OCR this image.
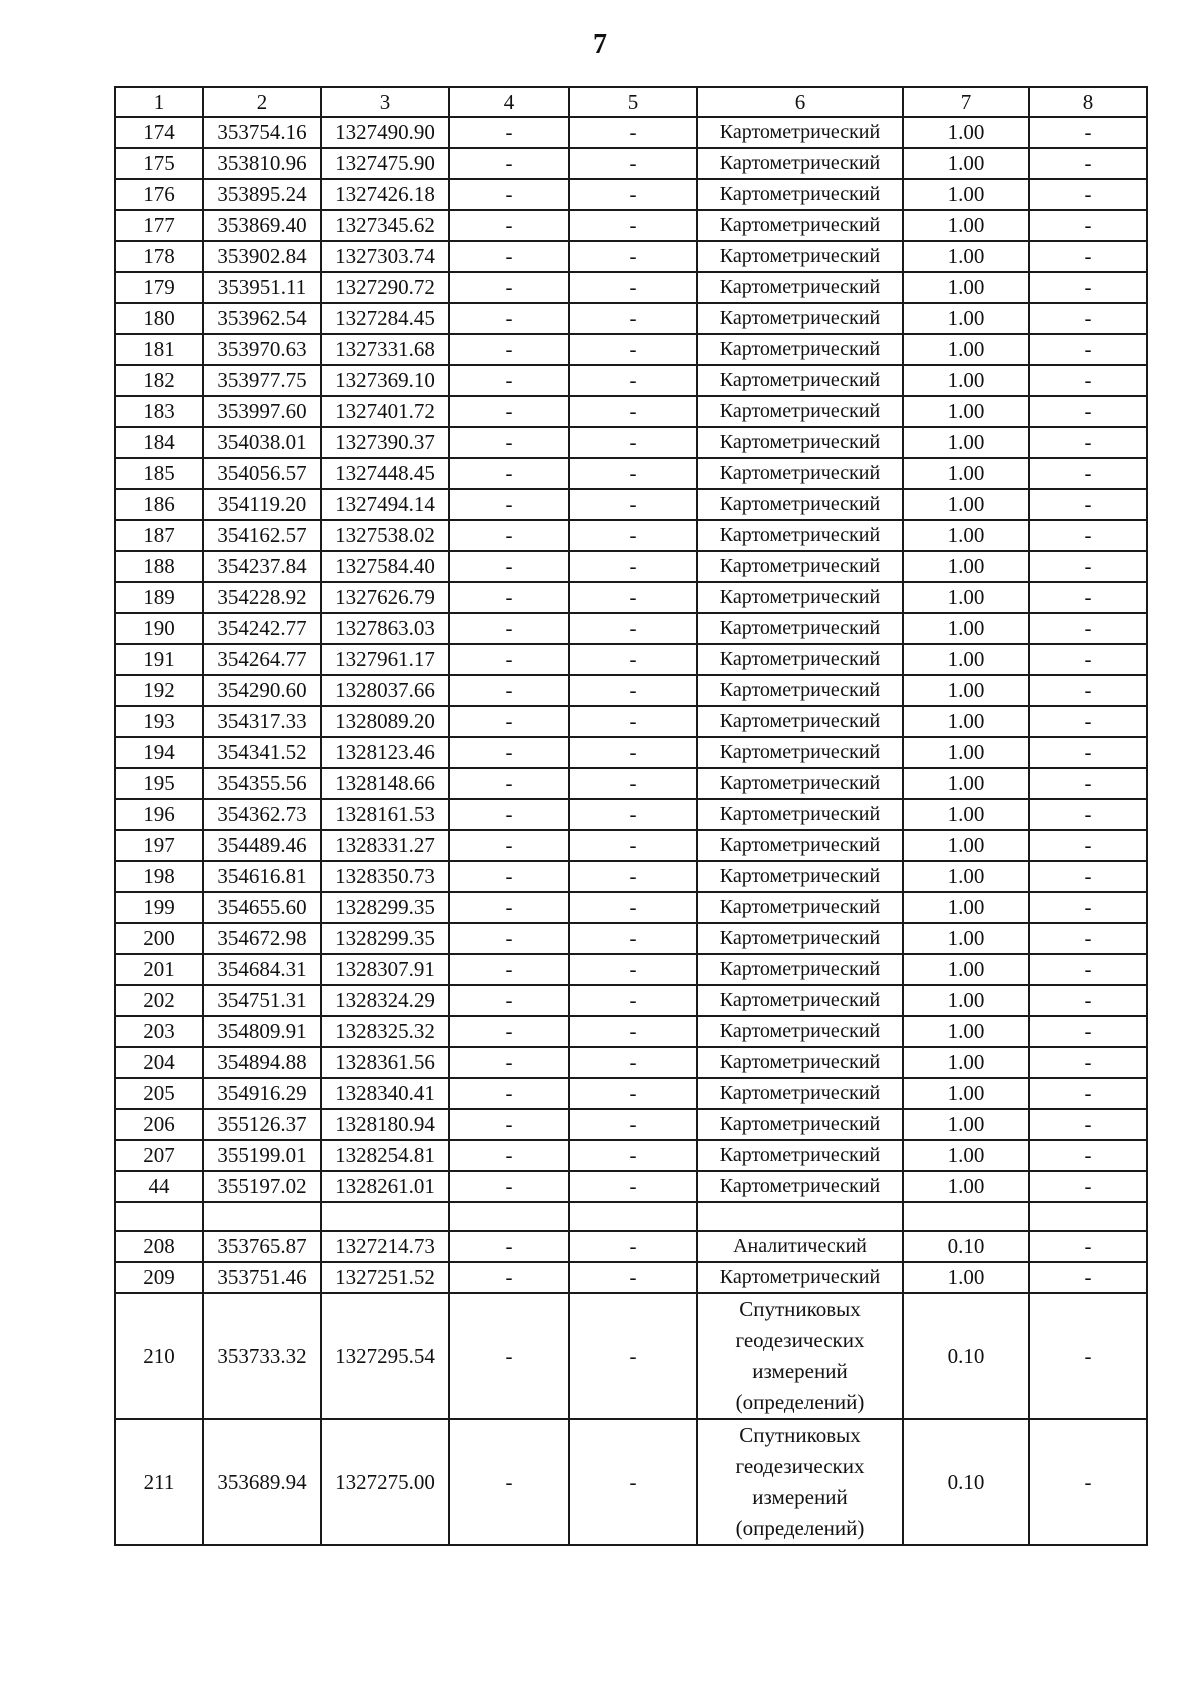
7
1	2	3	4	5	6	7	8
174	353754.16	1327490.90	-	-	Картометрический	1.00	-
175	353810.96	1327475.90	-	-	Картометрический	1.00	-
176	353895.24	1327426.18	-	-	Картометрический	1.00	-
177	353869.40	1327345.62	-	-	Картометрический	1.00	-
178	353902.84	1327303.74	-	-	Картометрический	1.00	-
179	353951.11	1327290.72	-	-	Картометрический	1.00	-
180	353962.54	1327284.45	-	-	Картометрический	1.00	-
181	353970.63	1327331.68	-	-	Картометрический	1.00	-
182	353977.75	1327369.10	-	-	Картометрический	1.00	-
183	353997.60	1327401.72	-	-	Картометрический	1.00	-
184	354038.01	1327390.37	-	-	Картометрический	1.00	-
185	354056.57	1327448.45	-	-	Картометрический	1.00	-
186	354119.20	1327494.14	-	-	Картометрический	1.00	-
187	354162.57	1327538.02	-	-	Картометрический	1.00	-
188	354237.84	1327584.40	-	-	Картометрический	1.00	-
189	354228.92	1327626.79	-	-	Картометрический	1.00	-
190	354242.77	1327863.03	-	-	Картометрический	1.00	-
191	354264.77	1327961.17	-	-	Картометрический	1.00	-
192	354290.60	1328037.66	-	-	Картометрический	1.00	-
193	354317.33	1328089.20	-	-	Картометрический	1.00	-
194	354341.52	1328123.46	-	-	Картометрический	1.00	-
195	354355.56	1328148.66	-	-	Картометрический	1.00	-
196	354362.73	1328161.53	-	-	Картометрический	1.00	-
197	354489.46	1328331.27	-	-	Картометрический	1.00	-
198	354616.81	1328350.73	-	-	Картометрический	1.00	-
199	354655.60	1328299.35	-	-	Картометрический	1.00	-
200	354672.98	1328299.35	-	-	Картометрический	1.00	-
201	354684.31	1328307.91	-	-	Картометрический	1.00	-
202	354751.31	1328324.29	-	-	Картометрический	1.00	-
203	354809.91	1328325.32	-	-	Картометрический	1.00	-
204	354894.88	1328361.56	-	-	Картометрический	1.00	-
205	354916.29	1328340.41	-	-	Картометрический	1.00	-
206	355126.37	1328180.94	-	-	Картометрический	1.00	-
207	355199.01	1328254.81	-	-	Картометрический	1.00	-
44	355197.02	1328261.01	-	-	Картометрический	1.00	-

208	353765.87	1327214.73	-	-	Аналитический	0.10	-
209	353751.46	1327251.52	-	-	Картометрический	1.00	-
210	353733.32	1327295.54	-	-	Спутниковых
геодезических
измерений
(определений)	0.10	-
211	353689.94	1327275.00	-	-	Спутниковых
геодезических
измерений
(определений)	0.10	-
